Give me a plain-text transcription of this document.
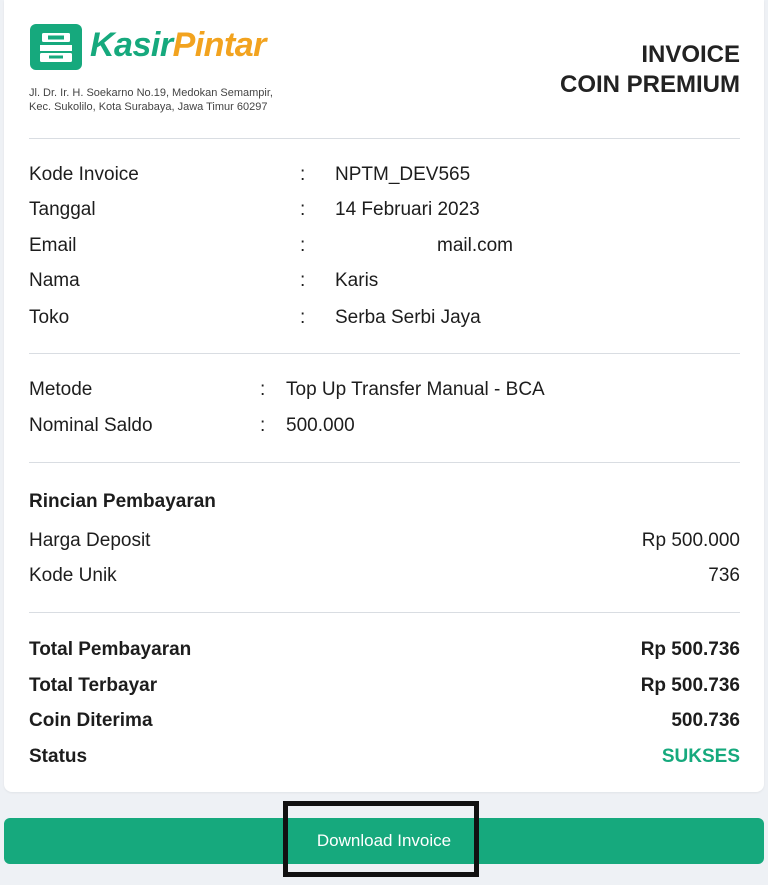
KasirPintar
Jl. Dr. Ir. H. Soekarno No.19, Medokan Semampir,
Kec. Sukolilo, Kota Surabaya, Jawa Timur 60297
INVOICE
COIN PREMIUM
Kode Invoice	: NPTM_DEV565
Tanggal	: 14 Februari 2023
Email	:	mail.com
Nama	: Karis
Toko	: Serba Serbi Jaya
Metode	: Top Up Transfer Manual - BCA
Nominal Saldo	: 500.000
Rincian Pembayaran
Harga Deposit	Rp 500.000
Kode Unik	736
Total Pembayaran	Rp 500.736
Total Terbayar	Rp 500.736
Coin Diterima	500.736
Status	SUKSES
Download Invoice
